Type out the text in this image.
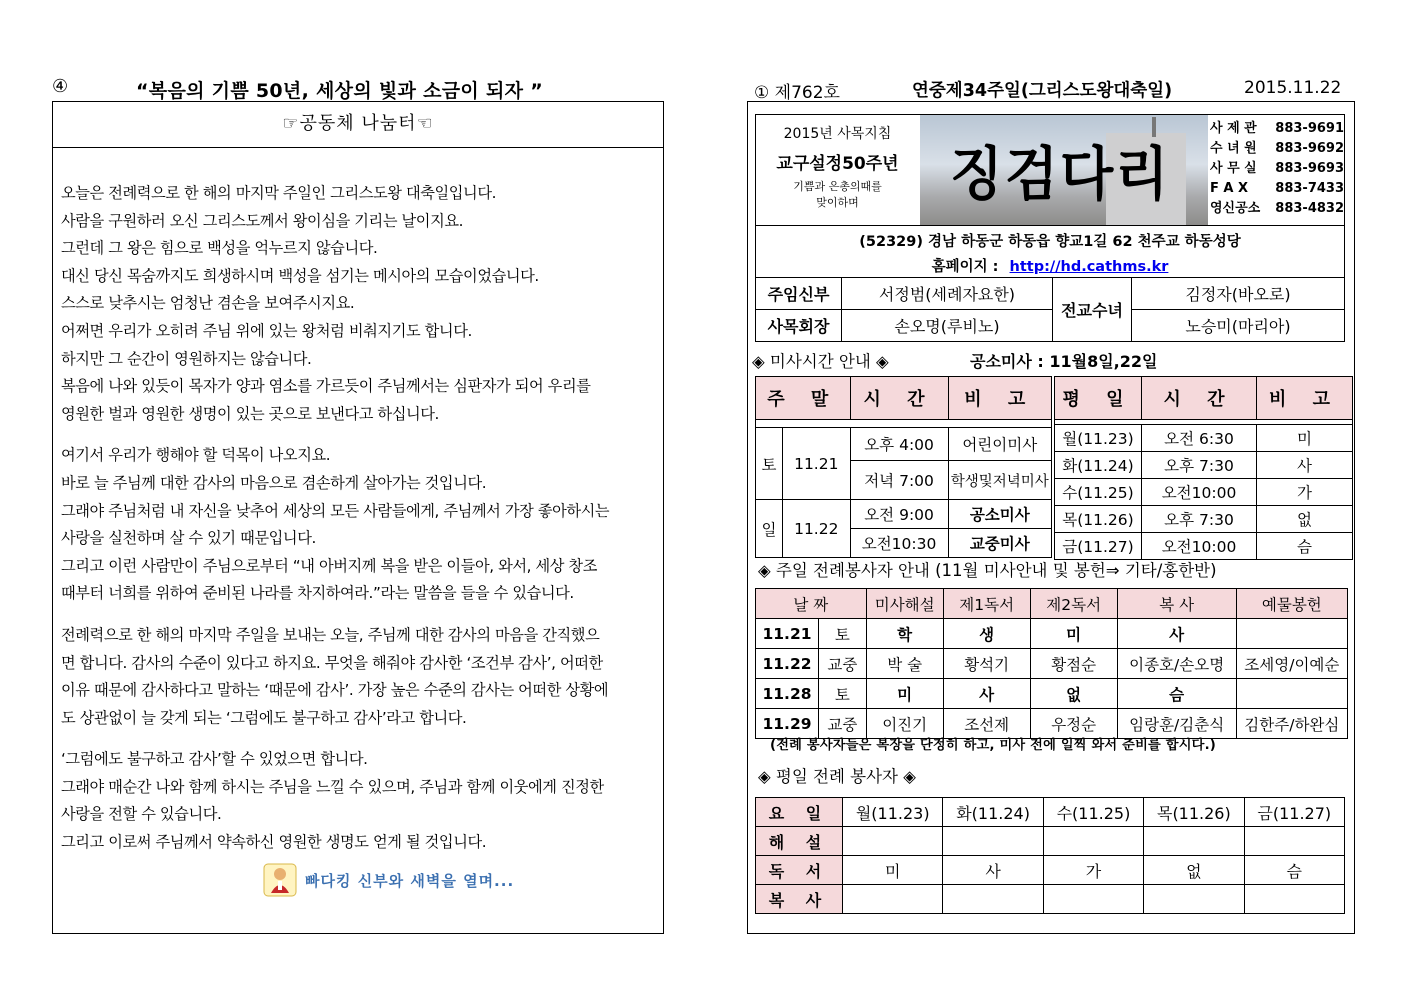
④	“복음의 기쁨 50년, 세상의 빛과 소금이 되자 ”
☞공동체 나눔터☜

오늘은 전례력으로 한 해의 마지막 주일인 그리스도왕 대축일입니다.
사람을 구원하러 오신 그리스도께서 왕이심을 기리는 날이지요.
그런데 그 왕은 힘으로 백성을 억누르지 않습니다.
대신 당신 목숨까지도 희생하시며 백성을 섬기는 메시아의 모습이었습니다.
스스로 낮추시는 엄청난 겸손을 보여주시지요.
어쩌면 우리가 오히려 주님 위에 있는 왕처럼 비춰지기도 합니다.
하지만 그 순간이 영원하지는 않습니다.
복음에 나와 있듯이 목자가 양과 염소를 가르듯이 주님께서는 심판자가 되어 우리를
영원한 벌과 영원한 생명이 있는 곳으로 보낸다고 하십니다.

여기서 우리가 행해야 할 덕목이 나오지요.
바로 늘 주님께 대한 감사의 마음으로 겸손하게 살아가는 것입니다.
그래야 주님처럼 내 자신을 낮추어 세상의 모든 사람들에게, 주님께서 가장 좋아하시는
사랑을 실천하며 살 수 있기 때문입니다.
그리고 이런 사람만이 주님으로부터 “내 아버지께 복을 받은 이들아, 와서, 세상 창조
때부터 너희를 위하여 준비된 나라를 차지하여라.”라는 말씀을 들을 수 있습니다.

전례력으로 한 해의 마지막 주일을 보내는 오늘, 주님께 대한 감사의 마음을 간직했으
면 합니다. 감사의 수준이 있다고 하지요. 무엇을 해줘야 감사한 ‘조건부 감사’, 어떠한
이유 때문에 감사하다고 말하는 ‘때문에 감사’. 가장 높은 수준의 감사는 어떠한 상황에
도 상관없이 늘 갖게 되는 ‘그럼에도 불구하고 감사’라고 합니다.

‘그럼에도 불구하고 감사’할 수 있었으면 합니다.
그래야 매순간 나와 함께 하시는 주님을 느낄 수 있으며, 주님과 함께 이웃에게 진정한
사랑을 전할 수 있습니다.
그리고 이로써 주님께서 약속하신 영원한 생명도 얻게 될 것입니다.

빠다킹 신부와 새벽을 열며...
① 제762호	연중제34주일(그리스도왕대축일)	2015.11.22
2015년 사목지침
교구설정50주년
기쁨과 은총의때를
맞이하며	징검다리
사 제 관 883-9691
수 녀 원 883-9692
사 무 실 883-9693
F A X 883-7433
영신공소 883-4832
(52329) 경남 하동군 하동읍 향교1길 62 천주교 하동성당
홈페이지 : http://hd.cathms.kr
주임신부	서정범(세례자요한)	전교수녀	김정자(바오로)
사목회장	손오명(루비노)		노승미(마리아)
◈ 미사시간 안내 ◈	공소미사 : 11월8일,22일
주 말		시 간	비 고

토	11.21	오후 4:00	어린이미사
		저녁 7:00	학생및저녁미사
일	11.22	오전 9:00	공소미사
		오전10:30	교중미사
평 일	시 간	비 고

월(11.23)	오전 6:30	미
화(11.24)	오후 7:30	사
수(11.25)	오전10:00	가
목(11.26)	오후 7:30	없
금(11.27)	오전10:00	슴
◈ 주일 전례봉사자 안내 (11월 미사안내 및 봉헌⇒ 기타/홍한반)
날 짜		미사해설	제1독서	제2독서	복 사	예물봉헌
11.21	토	학	생	미	사	
11.22	교중	박 술	황석기	황점순	이종호/손오명	조세영/이예순
11.28	토	미	사	없	슴	
11.29	교중	이진기	조선제	우정순	임랑훈/김춘식	김한주/하완심
(전례 봉사자들은 복장을 단정히 하고, 미사 전에 일찍 와서 준비를 합시다.)
◈ 평일 전례 봉사자 ◈
요 일	월(11.23)	화(11.24)	수(11.25)	목(11.26)	금(11.27)
해 설					
독 서	미	사	가	없	슴
복 사					
